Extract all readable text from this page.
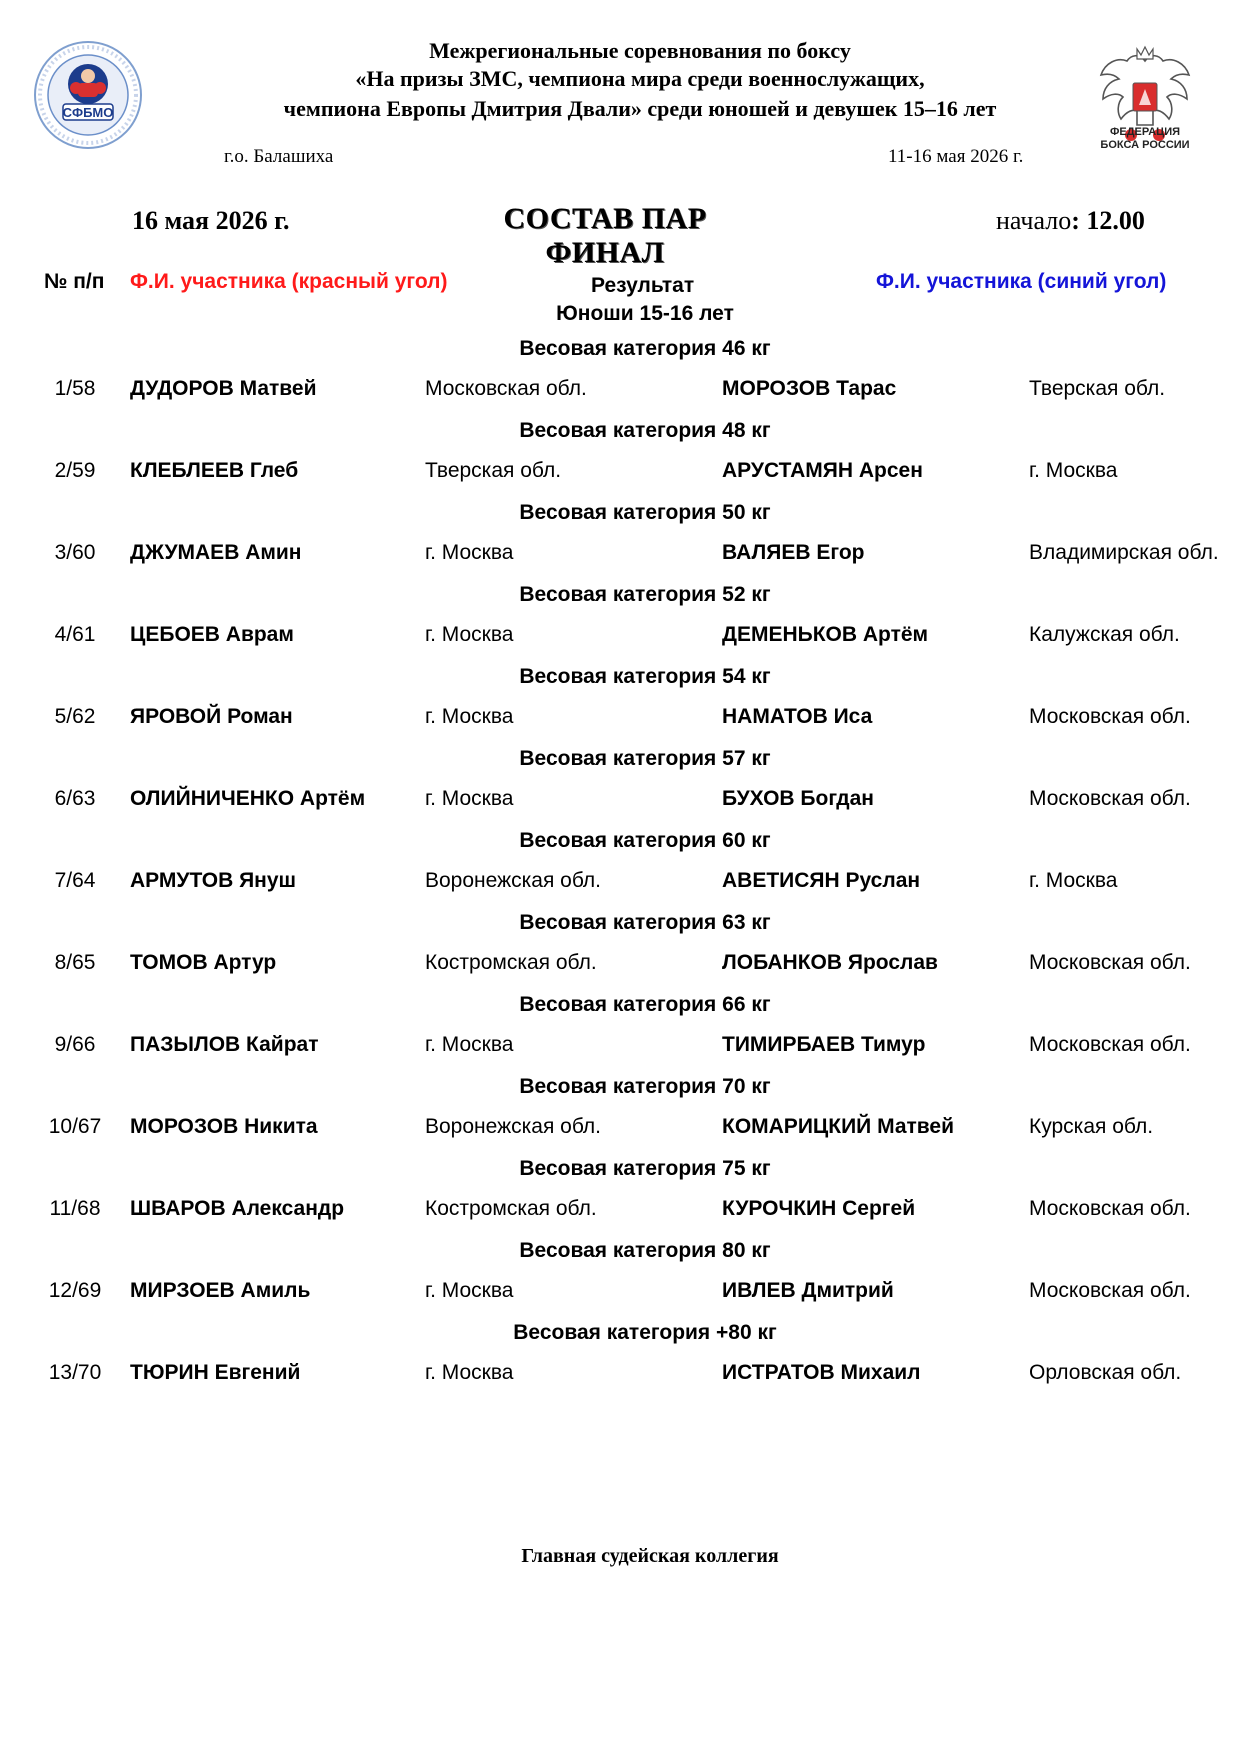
СФБМО
ФЕДЕРАЦИЯ
БОКСА РОССИИ
Межрегиональные соревнования по боксу
«На призы ЗМС, чемпиона мира среди военнослужащих,
чемпиона Европы Дмитрия Двали» среди юношей и девушек 15–16 лет
г.о. Балашиха	11-16 мая 2026 г.
16 мая 2026 г.	СОСТАВ ПАР
ФИНАЛ
начало: 12.00
№ п/п Ф.И. участника (красный угол)	Результат	Ф.И. участника (синий угол)
Юноши 15-16 лет
Весовая категория 46 кг
1/58	ДУДОРОВ Матвей	Московская обл.	МОРОЗОВ Тарас	Тверская обл.
Весовая категория 48 кг
2/59	КЛЕБЛЕЕВ Глеб	Тверская обл.	АРУСТАМЯН Арсен	г. Москва
Весовая категория 50 кг
3/60	ДЖУМАЕВ Амин	г. Москва	ВАЛЯЕВ Егор	Владимирская обл.
Весовая категория 52 кг
4/61	ЦЕБОЕВ Аврам	г. Москва	ДЕМЕНЬКОВ Артём	Калужская обл.
Весовая категория 54 кг
5/62	ЯРОВОЙ Роман	г. Москва	НАМАТОВ Иса	Московская обл.
Весовая категория 57 кг
6/63	ОЛИЙНИЧЕНКО Артём	г. Москва	БУХОВ Богдан	Московская обл.
Весовая категория 60 кг
7/64	АРМУТОВ Януш	Воронежская обл.	АВЕТИСЯН Руслан	г. Москва
Весовая категория 63 кг
8/65	ТОМОВ Артур	Костромская обл.	ЛОБАНКОВ Ярослав	Московская обл.
Весовая категория 66 кг
9/66	ПАЗЫЛОВ Кайрат	г. Москва	ТИМИРБАЕВ Тимур	Московская обл.
Весовая категория 70 кг
10/67	МОРОЗОВ Никита	Воронежская обл.	КОМАРИЦКИЙ Матвей	Курская обл.
Весовая категория 75 кг
11/68	ШВАРОВ Александр	Костромская обл.	КУРОЧКИН Сергей	Московская обл.
Весовая категория 80 кг
12/69	МИРЗОЕВ Амиль	г. Москва	ИВЛЕВ Дмитрий	Московская обл.
Весовая категория +80 кг
13/70	ТЮРИН Евгений	г. Москва	ИСТРАТОВ Михаил	Орловская обл.
Главная судейская коллегия
